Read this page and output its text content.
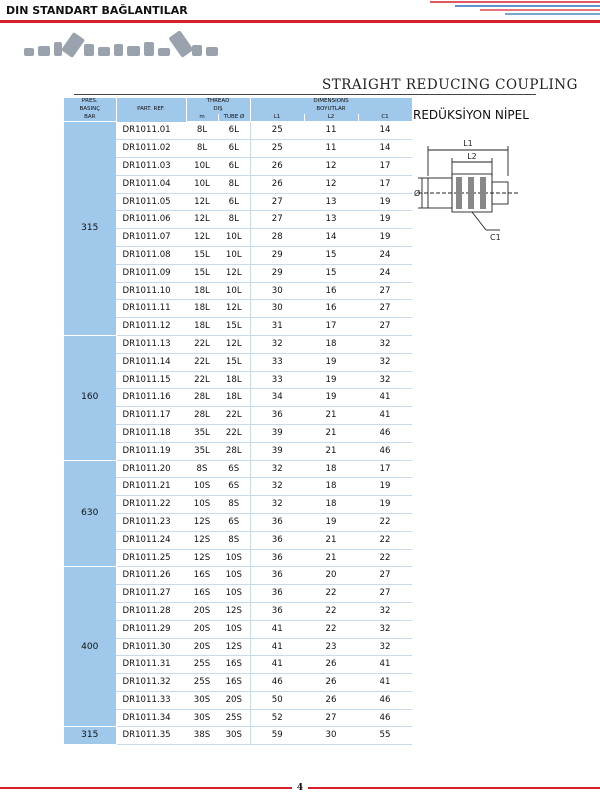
DIN STANDART BAĞLANTILAR
STRAIGHT REDUCING COUPLING
REDÜKSİYON NİPEL
PRES.	PART. REF.	THREAD		DIMENSIONS		
BASINÇ		DIŞ		BOYUTLAR		
BAR		m	TUBE Ø	L1	L2	C1
315	DR1011.01	8L	6L	25	11	14
	DR1011.02	8L	6L	25	11	14
	DR1011.03	10L	6L	26	12	17
	DR1011.04	10L	8L	26	12	17
	DR1011.05	12L	6L	27	13	19
	DR1011.06	12L	8L	27	13	19
	DR1011.07	12L	10L	28	14	19
	DR1011.08	15L	10L	29	15	24
	DR1011.09	15L	12L	29	15	24
	DR1011.10	18L	10L	30	16	27
	DR1011.11	18L	12L	30	16	27
	DR1011.12	18L	15L	31	17	27
160	DR1011.13	22L	12L	32	18	32
	DR1011.14	22L	15L	33	19	32
	DR1011.15	22L	18L	33	19	32
	DR1011.16	28L	18L	34	19	41
	DR1011.17	28L	22L	36	21	41
	DR1011.18	35L	22L	39	21	46
	DR1011.19	35L	28L	39	21	46
630	DR1011.20	8S	6S	32	18	17
	DR1011.21	10S	6S	32	18	19
	DR1011.22	10S	8S	32	18	19
	DR1011.23	12S	6S	36	19	22
	DR1011.24	12S	8S	36	21	22
	DR1011.25	12S	10S	36	21	22
400	DR1011.26	16S	10S	36	20	27
	DR1011.27	16S	10S	36	22	27
	DR1011.28	20S	12S	36	22	32
	DR1011.29	20S	10S	41	22	32
	DR1011.30	20S	12S	41	23	32
	DR1011.31	25S	16S	41	26	41
	DR1011.32	25S	16S	46	26	41
	DR1011.33	30S	20S	50	26	46
	DR1011.34	30S	25S	52	27	46
315	DR1011.35	38S	30S	59	30	55
L1
L2
Ø
C1
4
